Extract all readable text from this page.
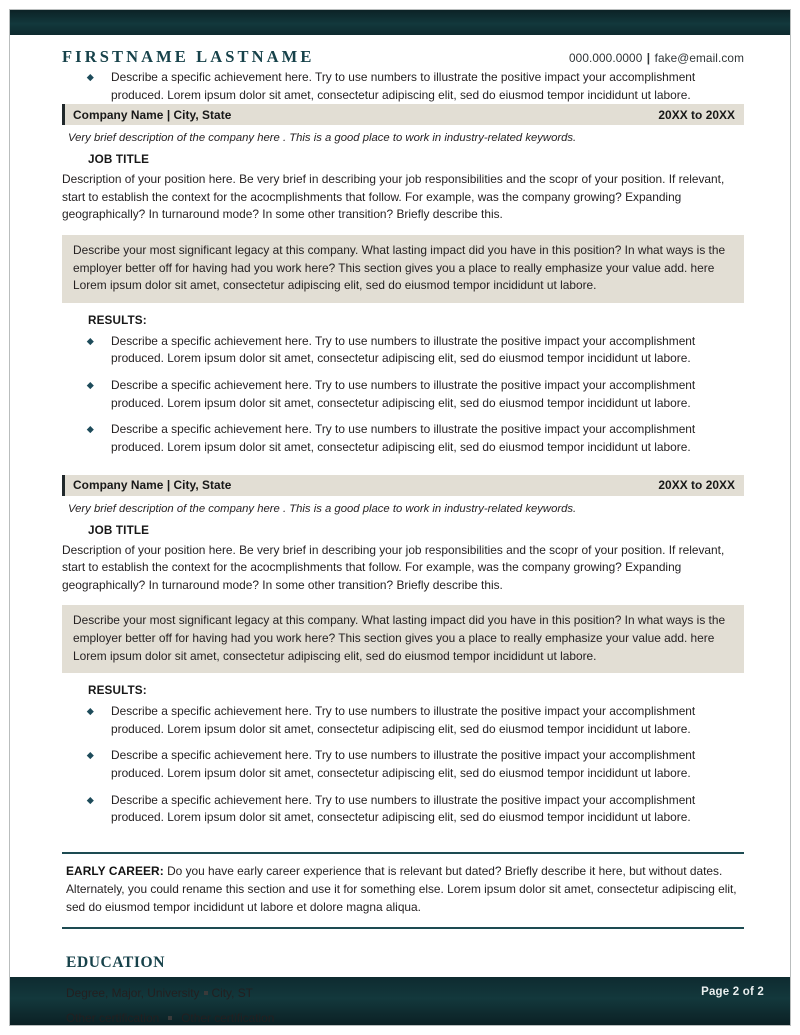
Page 2 of 2
FIRSTNAME LASTNAME	000.000.0000 | fake@email.com
Describe a specific achievement here. Try to use numbers to illustrate the positive impact your accomplishment produced. Lorem ipsum dolor sit amet, consectetur adipiscing elit, sed do eiusmod tempor incididunt ut labore.
Company Name | City, State	20XX to 20XX
Very brief description of the company here . This is a good place to work in industry-related keywords.
JOB TITLE
Description of your position here. Be very brief in describing your job responsibilities and the scopr of your position. If relevant, start to establish the context for the acocmplishments that follow. For example, was the company growing? Expanding geographically? In turnaround mode? In some other transition? Briefly describe this.
Describe your most significant legacy at this company. What lasting impact did you have in this position? In what ways is the employer better off for having had you work here? This section gives you a place to really emphasize your value add. here Lorem ipsum dolor sit amet, consectetur adipiscing elit, sed do eiusmod tempor incididunt ut labore.
RESULTS:
Describe a specific achievement here. Try to use numbers to illustrate the positive impact your accomplishment produced. Lorem ipsum dolor sit amet, consectetur adipiscing elit, sed do eiusmod tempor incididunt ut labore.
Describe a specific achievement here. Try to use numbers to illustrate the positive impact your accomplishment produced. Lorem ipsum dolor sit amet, consectetur adipiscing elit, sed do eiusmod tempor incididunt ut labore.
Describe a specific achievement here. Try to use numbers to illustrate the positive impact your accomplishment produced. Lorem ipsum dolor sit amet, consectetur adipiscing elit, sed do eiusmod tempor incididunt ut labore.
Company Name | City, State	20XX to 20XX
Very brief description of the company here . This is a good place to work in industry-related keywords.
JOB TITLE
Description of your position here. Be very brief in describing your job responsibilities and the scopr of your position. If relevant, start to establish the context for the acocmplishments that follow. For example, was the company growing? Expanding geographically? In turnaround mode? In some other transition? Briefly describe this.
Describe your most significant legacy at this company. What lasting impact did you have in this position? In what ways is the employer better off for having had you work here? This section gives you a place to really emphasize your value add. here Lorem ipsum dolor sit amet, consectetur adipiscing elit, sed do eiusmod tempor incididunt ut labore.
RESULTS:
Describe a specific achievement here. Try to use numbers to illustrate the positive impact your accomplishment produced. Lorem ipsum dolor sit amet, consectetur adipiscing elit, sed do eiusmod tempor incididunt ut labore.
Describe a specific achievement here. Try to use numbers to illustrate the positive impact your accomplishment produced. Lorem ipsum dolor sit amet, consectetur adipiscing elit, sed do eiusmod tempor incididunt ut labore.
Describe a specific achievement here. Try to use numbers to illustrate the positive impact your accomplishment produced. Lorem ipsum dolor sit amet, consectetur adipiscing elit, sed do eiusmod tempor incididunt ut labore.

EARLY CAREER: Do you have early career experience that is relevant but dated? Briefly describe it here, but without dates. Alternately, you could rename this section and use it for something else. Lorem ipsum dolor sit amet, consectetur adipiscing elit, sed do eiusmod tempor incididunt ut labore et dolore magna aliqua.

EDUCATION
Degree, Major, University City, ST
Other certification Other certification
